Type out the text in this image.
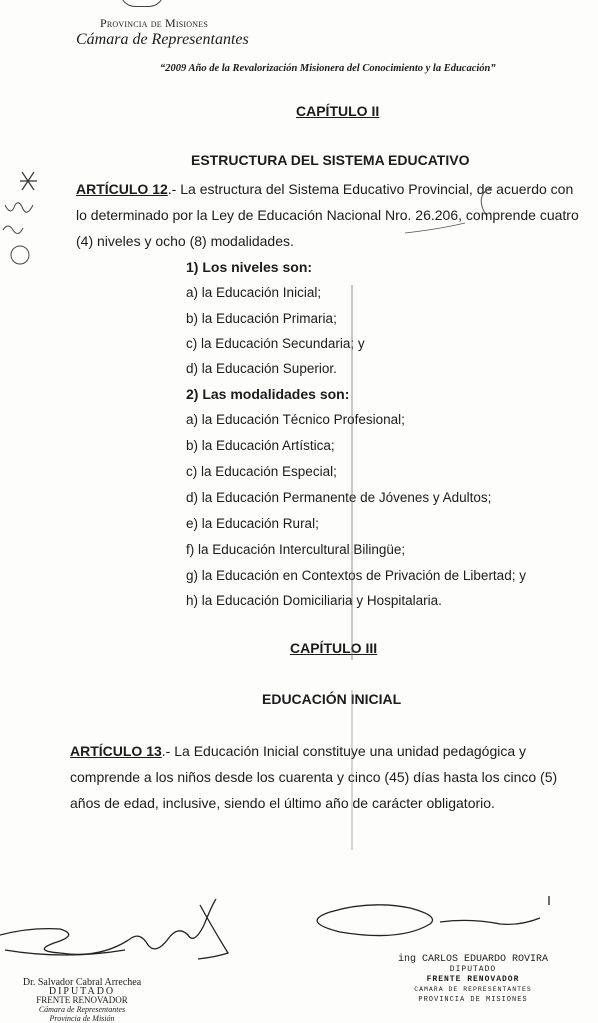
Provincia de Misiones
Cámara de Representantes
“2009 Año de la Revalorización Misionera del Conocimiento y la Educación”
CAPÍTULO II
ESTRUCTURA DEL SISTEMA EDUCATIVO
ARTÍCULO 12.- La estructura del Sistema Educativo Provincial, de acuerdo con
lo determinado por la Ley de Educación Nacional Nro. 26.206, comprende cuatro
(4) niveles y ocho (8) modalidades.
1) Los niveles son:
a) la Educación Inicial;
b) la Educación Primaria;
c) la Educación Secundaria; y
d) la Educación Superior.
2) Las modalidades son:
a) la Educación Técnico Profesional;
b) la Educación Artística;
c) la Educación Especial;
d) la Educación Permanente de Jóvenes y Adultos;
e) la Educación Rural;
f) la Educación Intercultural Bilingüe;
g) la Educación en Contextos de Privación de Libertad; y
h) la Educación Domiciliaria y Hospitalaria.
CAPÍTULO III
EDUCACIÓN INICIAL
ARTÍCULO 13.- La Educación Inicial constituye una unidad pedagógica y
comprende a los niños desde los cuarenta y cinco (45) días hasta los cinco (5)
años de edad, inclusive, siendo el último año de carácter obligatorio.
Dr. Salvador Cabral Arrechea
DIPUTADO
FRENTE RENOVADOR
Cámara de Representantes
Provincia de Misión
ing CARLOS EDUARDO ROVIRA
DIPUTADO
FRENTE RENOVADOR
CAMARA DE REPRESENTANTES
PROVINCIA DE MISIONES
